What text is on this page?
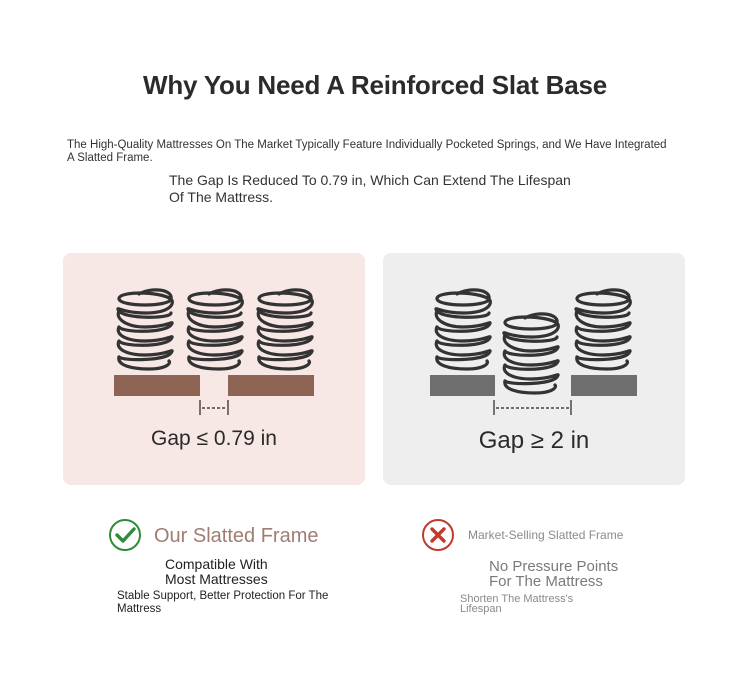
Why You Need A Reinforced Slat Base
The High-Quality Mattresses On The Market Typically Feature Individually Pocketed Springs, and We Have Integrated A Slatted Frame.
The Gap Is Reduced To 0.79 in, Which Can Extend The Lifespan Of The Mattress.
Gap ≤ 0.79 in	Gap ≥ 2 in
Our Slatted Frame
Compatible With Most Mattresses
Stable Support, Better Protection For The Mattress
Market-Selling Slatted Frame
No Pressure Points For The Mattress
Shorten The Mattress's Lifespan
